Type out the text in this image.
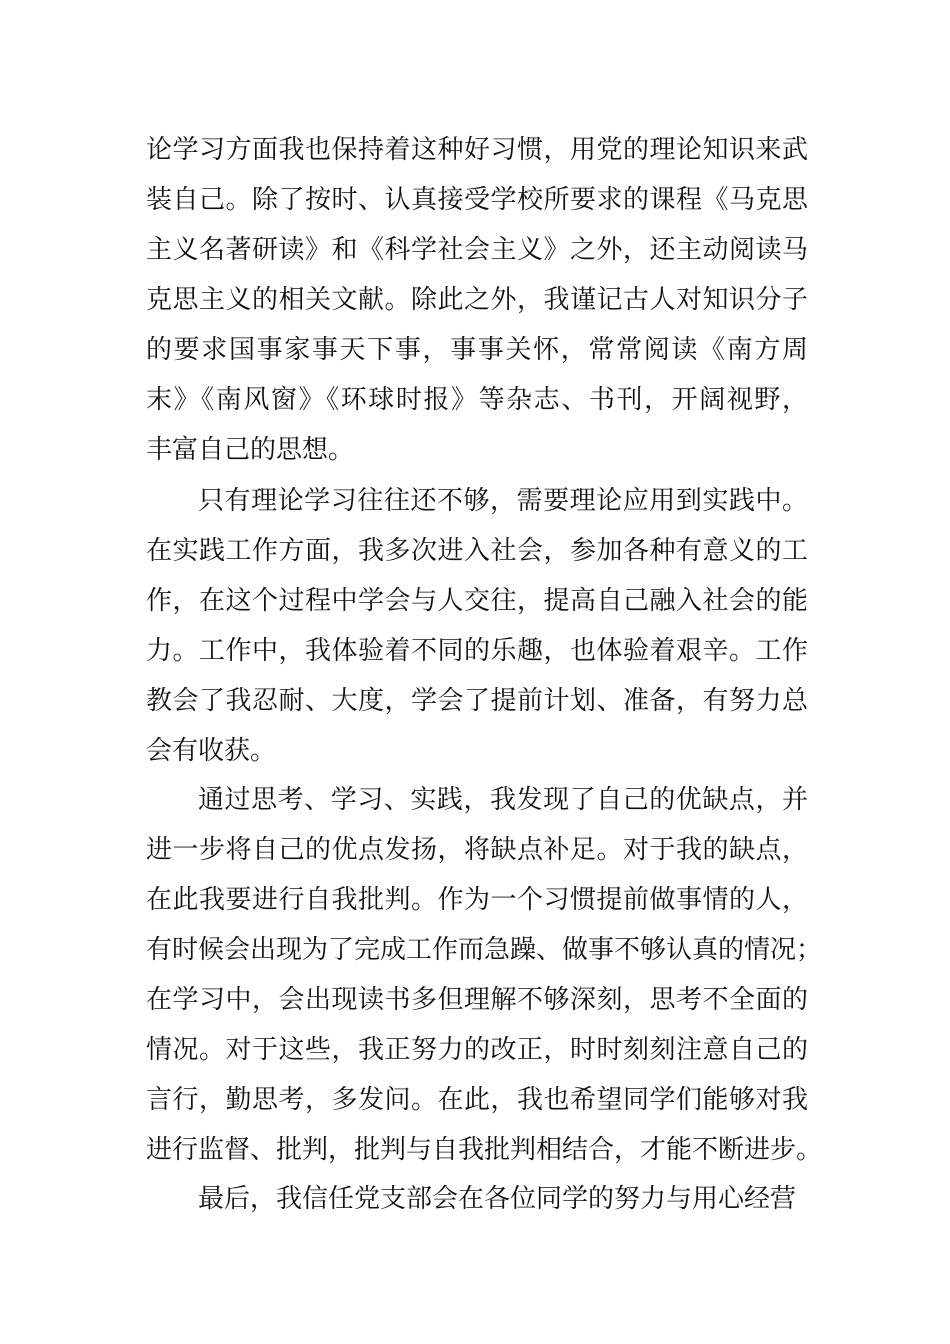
论学习方面我也保持着这种好习惯，用党的理论知识来武
装自己。除了按时、认真接受学校所要求的课程《马克思
主义名著研读》和《科学社会主义》之外，还主动阅读马
克思主义的相关文献。除此之外，我谨记古人对知识分子
的要求国事家事天下事，事事关怀，常常阅读《南方周
末》《南风窗》《环球时报》等杂志、书刊，开阔视野，
丰富自己的思想。
只有理论学习往往还不够，需要理论应用到实践中。
在实践工作方面，我多次进入社会，参加各种有意义的工
作，在这个过程中学会与人交往，提高自己融入社会的能
力。工作中，我体验着不同的乐趣，也体验着艰辛。工作
教会了我忍耐、大度，学会了提前计划、准备，有努力总
会有收获。
通过思考、学习、实践，我发现了自己的优缺点，并
进一步将自己的优点发扬，将缺点补足。对于我的缺点，
在此我要进行自我批判。作为一个习惯提前做事情的人，
有时候会出现为了完成工作而急躁、做事不够认真的情况；
在学习中，会出现读书多但理解不够深刻，思考不全面的
情况。对于这些，我正努力的改正，时时刻刻注意自己的
言行，勤思考，多发问。在此，我也希望同学们能够对我
进行监督、批判，批判与自我批判相结合，才能不断进步。
最后，我信任党支部会在各位同学的努力与用心经营
